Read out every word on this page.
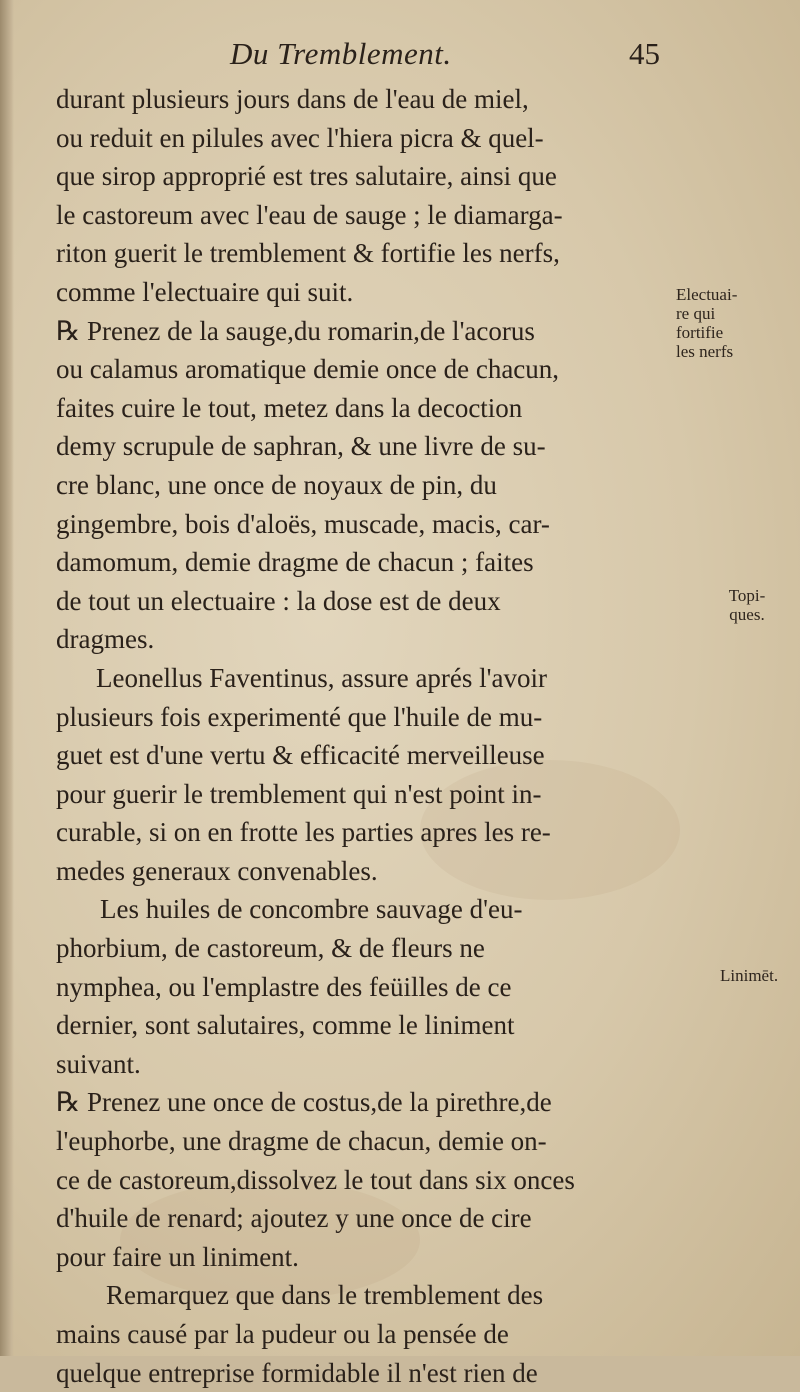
Du Tremblement.	45
durant plusieurs jours dans de l'eau de miel,
ou reduit en pilules avec l'hiera picra & quel-
que sirop approprié est tres salutaire, ainsi que
le castoreum avec l'eau de sauge ; le diamarga-
riton guerit le tremblement & fortifie les nerfs,
comme l'electuaire qui suit.
℞ Prenez de la sauge,du romarin,de l'acorus
ou calamus aromatique demie once de chacun,
faites cuire le tout, metez dans la decoction
demy scrupule de saphran, & une livre de su-
cre blanc, une once de noyaux de pin, du
gingembre, bois d'aloës, muscade, macis, car-
damomum, demie dragme de chacun ; faites
de tout un electuaire : la dose est de deux
dragmes.
Leonellus Faventinus, assure aprés l'avoir
plusieurs fois experimenté que l'huile de mu-
guet est d'une vertu & efficacité merveilleuse
pour guerir le tremblement qui n'est point in-
curable, si on en frotte les parties apres les re-
medes generaux convenables.
Les huiles de concombre sauvage d'eu-
phorbium, de castoreum, & de fleurs ne
nymphea, ou l'emplastre des feüilles de ce
dernier, sont salutaires, comme le liniment
suivant.
℞ Prenez une once de costus,de la pirethre,de
l'euphorbe, une dragme de chacun, demie on-
ce de castoreum,dissolvez le tout dans six onces
d'huile de renard; ajoutez y une once de cire
pour faire un liniment.
Remarquez que dans le tremblement des
mains causé par la pudeur ou la pensée de
quelque entreprise formidable il n'est rien de
Electuai-
re qui
fortifie
les nerfs
Topi-
ques.
Linimēt.
